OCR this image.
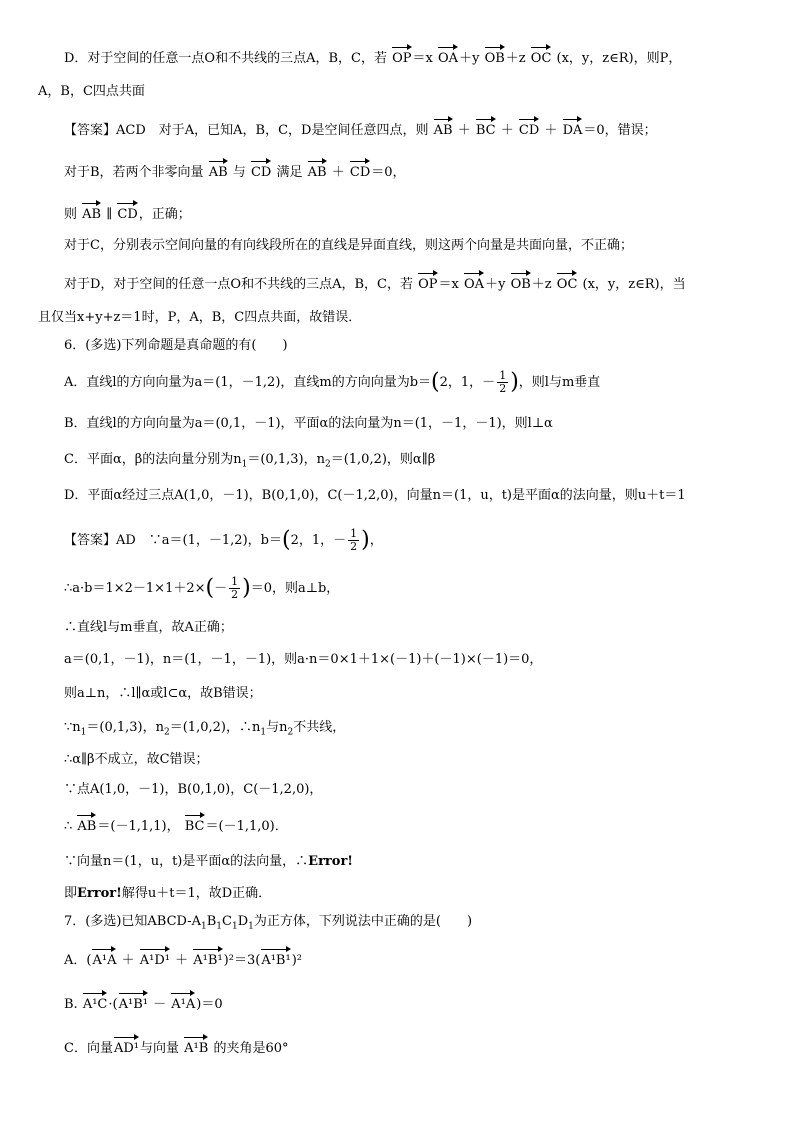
D．对于空间的任意一点O和不共线的三点A，B，C，若 OP＝x OA＋y OB＋z OC (x，y，z∈R)，则P，
A，B，C四点共面
【答案】ACD　对于A，已知A，B，C，D是空间任意四点，则 AB ＋ BC ＋ CD ＋ DA＝0，错误；
对于B，若两个非零向量 AB 与 CD 满足 AB ＋ CD＝0，
则 AB ∥ CD，正确；
对于C，分别表示空间向量的有向线段所在的直线是异面直线，则这两个向量是共面向量，不正确；
对于D，对于空间的任意一点O和不共线的三点A，B，C，若 OP＝x OA＋y OB＋z OC (x，y，z∈R)，当
且仅当x+y+z＝1时，P，A，B，C四点共面，故错误．
6．(多选)下列命题是真命题的有(　　)
A．直线l的方向向量为a＝(1，－1,2)，直线m的方向向量为b＝(2，1，－ $\frac{1}{2}$ )，则l与m垂直
B．直线l的方向向量为a＝(0,1，－1)，平面α的法向量为n＝(1，－1，－1)，则l⊥α
C．平面α，β的法向量分别为$n_1=(0,1,3)$，$n_2=(1,0,2)$，则α∥β
D．平面α经过三点A(1,0，－1)，B(0,1,0)，C(－1,2,0)，向量n＝(1，u，t)是平面α的法向量，则u＋t＝1
【答案】AD　∵a＝(1，－1,2)，b＝(2，1，－ $\frac{1}{2}$ )，
∴a·b＝1×2－1×1＋2×(－ $\frac{1}{2} )=0$，则a⊥b，
∴直线l与m垂直，故A正确；
a＝(0,1，－1)，n＝(1，－1，－1)，则a·n＝0×1＋1×(－1)＋(－1)×(－1)＝0，
则a⊥n，∴l∥α或l⊂α，故B错误；
$\because n_1=(0,1,3)$，$n_2=(1,0,2)$，$\therefore n_1$与$n_2$不共线，
∴α∥β不成立，故C错误；
∵点A(1,0，－1)，B(0,1,0)，C(－1,2,0)，
∴ AB＝(－1,1,1)， BC＝(－1,1,0)．
∵向量n＝(1，u，t)是平面α的法向量，∴Error!
即Error!解得u＋t＝1，故D正确．
7．(多选)已知ABCD-$A_1B_1C_1D_1$为正方体，下列说法中正确的是(　　)
A．(A¹A ＋ A¹D¹ ＋ A¹B¹)²＝3(A¹B¹)²
B. A¹C·(A¹B¹ － A¹A)＝0
C．向量AD¹与向量 A¹B 的夹角是60°
